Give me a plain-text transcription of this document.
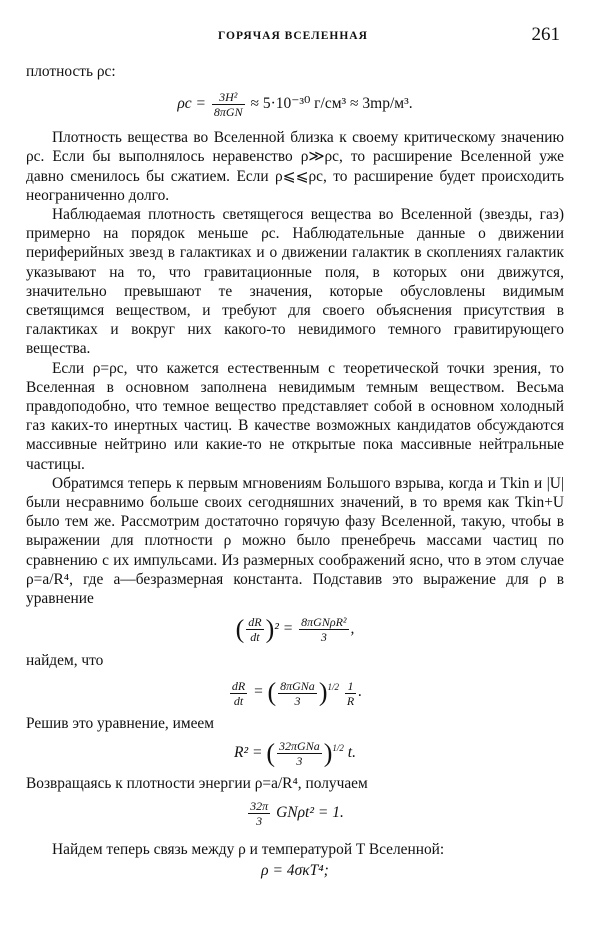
ГОРЯЧАЯ ВСЕЛЕННАЯ	261

плотность ρc:

$\rho c = \frac{\text{3H²}}{\text{8πGN}} \approx 5\cdot 10^{-30}$ г/см³ ≈ 3mp/м³.

Плотность вещества во Вселенной близка к своему критическому значению ρc. Если бы выполнялось неравенство ρ≫ρc, то расширение Вселенной уже давно сменилось бы сжатием. Если ρ⩽⩽ρc, то расширение будет происходить неограниченно долго.

Наблюдаемая плотность светящегося вещества во Вселенной (звезды, газ) примерно на порядок меньше ρc. Наблюдательные данные о движении периферийных звезд в галактиках и о движении галактик в скоплениях галактик указывают на то, что гравитационные поля, в которых они движутся, значительно превышают те значения, которые обусловлены видимым светящимся веществом, и требуют для своего объяснения присутствия в галактиках и вокруг них какого-то невидимого темного гравитирующего вещества.

Если ρ=ρc, что кажется естественным с теоретической точки зрения, то Вселенная в основном заполнена невидимым темным веществом. Весьма правдоподобно, что темное вещество представляет собой в основном холодный газ каких-то инертных частиц. В качестве возможных кандидатов обсуждаются массивные нейтрино или какие-то не открытые пока массивные нейтральные частицы.

Обратимся теперь к первым мгновениям Большого взрыва, когда и Tkin и |U| были несравнимо больше своих сегодняшних значений, в то время как Tkin+U было тем же. Рассмотрим достаточно горячую фазу Вселенной, такую, чтобы в выражении для плотности ρ можно было пренебречь массами частиц по сравнению с их импульсами. Из размерных соображений ясно, что в этом случае ρ=a/R⁴, где a—безразмерная константа. Подставив это выражение для ρ в уравнение

( $\frac{dR}{dt} )^2 = \frac{\text{8πGNρR²}}{3}$ ,

найдем, что

$\frac{dR}{dt}$ = ( $\frac{\text{8πGNa}}{3} )^{1/2} \frac{1}{R}$ .

Решив это уравнение, имеем

R² = ( $\frac{\text{32πGNa}}{3} )^{1/2}$ t.

Возвращаясь к плотности энергии ρ=a/R⁴, получаем

$\frac{32\pi}{3} GN\rho t^2 = 1$.

Найдем теперь связь между ρ и температурой T Вселенной:

ρ = 4σκT⁴;
